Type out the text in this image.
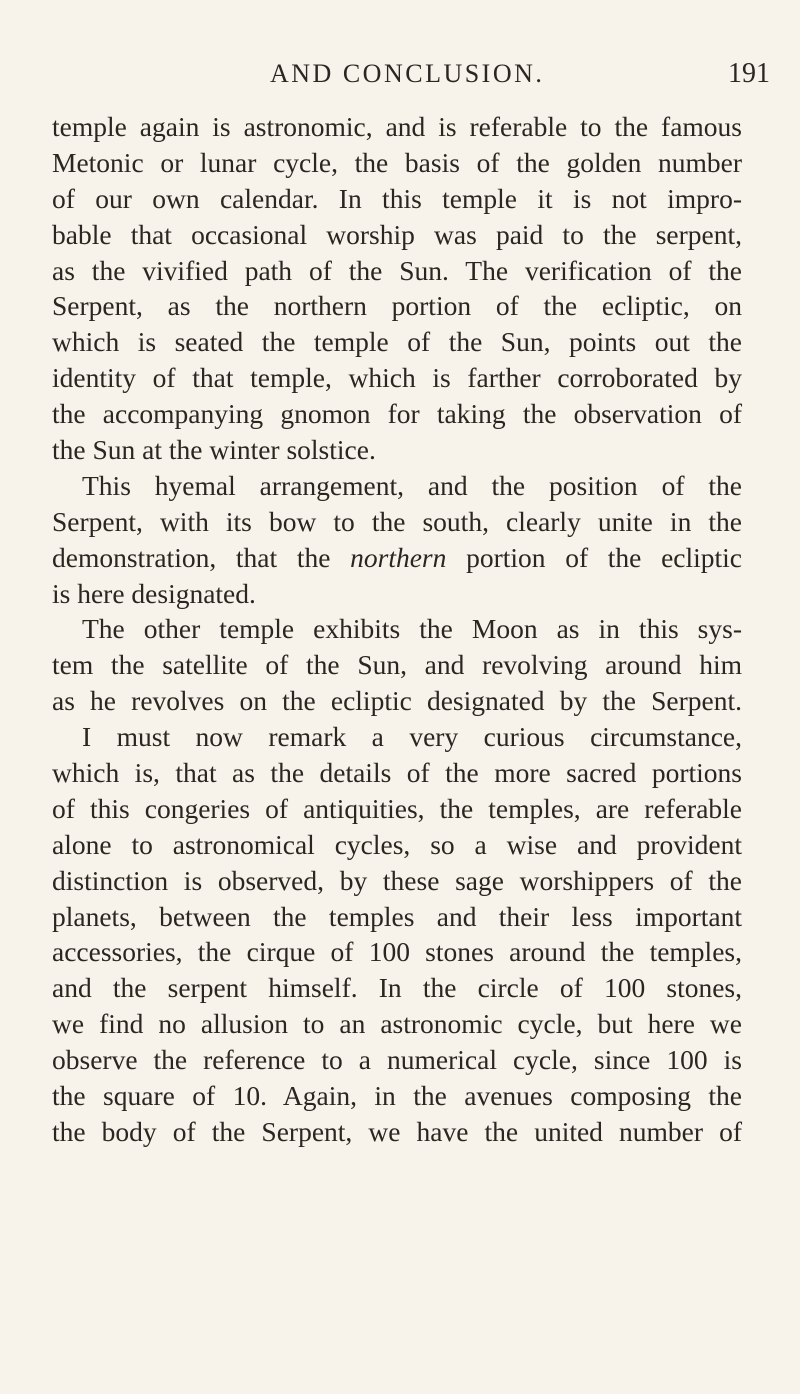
AND CONCLUSION.	191
temple again is astronomic, and is referable to the famous
Metonic or lunar cycle, the basis of the golden number
of our own calendar. In this temple it is not impro-
bable that occasional worship was paid to the serpent,
as the vivified path of the Sun. The verification of the
Serpent, as the northern portion of the ecliptic, on
which is seated the temple of the Sun, points out the
identity of that temple, which is farther corroborated by
the accompanying gnomon for taking the observation of
the Sun at the winter solstice.
This hyemal arrangement, and the position of the
Serpent, with its bow to the south, clearly unite in the
demonstration, that the northern portion of the ecliptic
is here designated.
The other temple exhibits the Moon as in this sys-
tem the satellite of the Sun, and revolving around him
as he revolves on the ecliptic designated by the Serpent.
I must now remark a very curious circumstance,
which is, that as the details of the more sacred portions
of this congeries of antiquities, the temples, are referable
alone to astronomical cycles, so a wise and provident
distinction is observed, by these sage worshippers of the
planets, between the temples and their less important
accessories, the cirque of 100 stones around the temples,
and the serpent himself. In the circle of 100 stones,
we find no allusion to an astronomic cycle, but here we
observe the reference to a numerical cycle, since 100 is
the square of 10. Again, in the avenues composing the
the body of the Serpent, we have the united number of
